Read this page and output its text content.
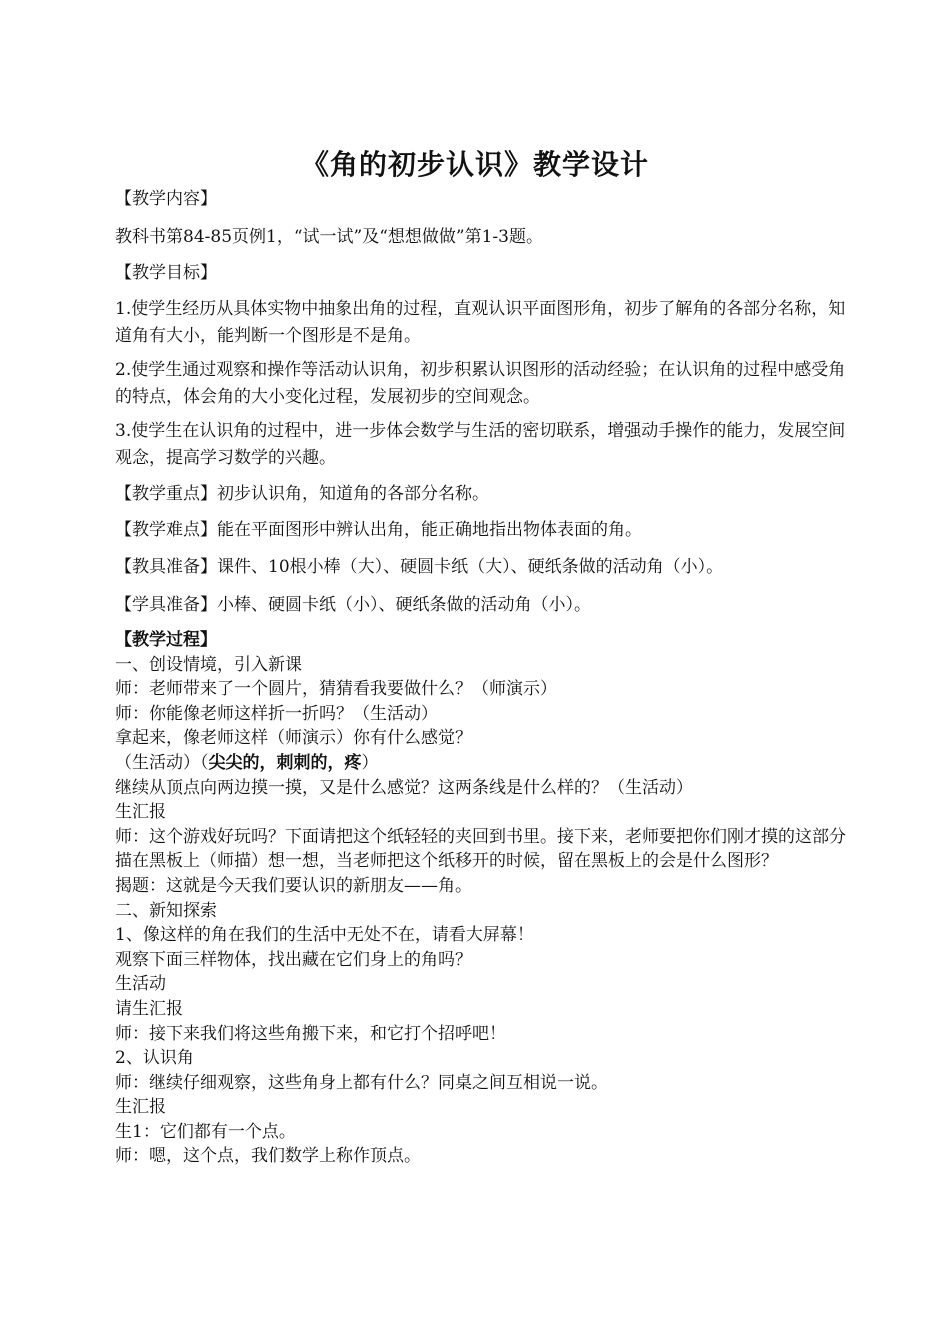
《角的初步认识》教学设计

【教学内容】

教科书第84-85页例1，“试一试”及“想想做做”第1-3题。

【教学目标】

1.使学生经历从具体实物中抽象出角的过程，直观认识平面图形角，初步了解角的各部分名称，知道角有大小，能判断一个图形是不是角。

2.使学生通过观察和操作等活动认识角，初步积累认识图形的活动经验；在认识角的过程中感受角的特点，体会角的大小变化过程，发展初步的空间观念。

3.使学生在认识角的过程中，进一步体会数学与生活的密切联系，增强动手操作的能力，发展空间观念，提高学习数学的兴趣。

【教学重点】初步认识角，知道角的各部分名称。

【教学难点】能在平面图形中辨认出角，能正确地指出物体表面的角。

【教具准备】课件、10根小棒（大）、硬圆卡纸（大）、硬纸条做的活动角（小）。

【学具准备】小棒、硬圆卡纸（小）、硬纸条做的活动角（小）。

【教学过程】

一、创设情境，引入新课

师：老师带来了一个圆片，猜猜看我要做什么？（师演示）

师：你能像老师这样折一折吗？（生活动）

拿起来，像老师这样（师演示）你有什么感觉？

（生活动）（尖尖的，刺刺的，疼）

继续从顶点向两边摸一摸，又是什么感觉？这两条线是什么样的？（生活动）

生汇报

师：这个游戏好玩吗？下面请把这个纸轻轻的夹回到书里。接下来，老师要把你们刚才摸的这部分描在黑板上（师描）想一想，当老师把这个纸移开的时候，留在黑板上的会是什么图形？

揭题：这就是今天我们要认识的新朋友——角。

二、新知探索

1、像这样的角在我们的生活中无处不在，请看大屏幕！

观察下面三样物体，找出藏在它们身上的角吗？

生活动

请生汇报

师：接下来我们将这些角搬下来，和它打个招呼吧！

2、认识角

师：继续仔细观察，这些角身上都有什么？同桌之间互相说一说。

生汇报

生1：它们都有一个点。

师：嗯，这个点，我们数学上称作顶点。
